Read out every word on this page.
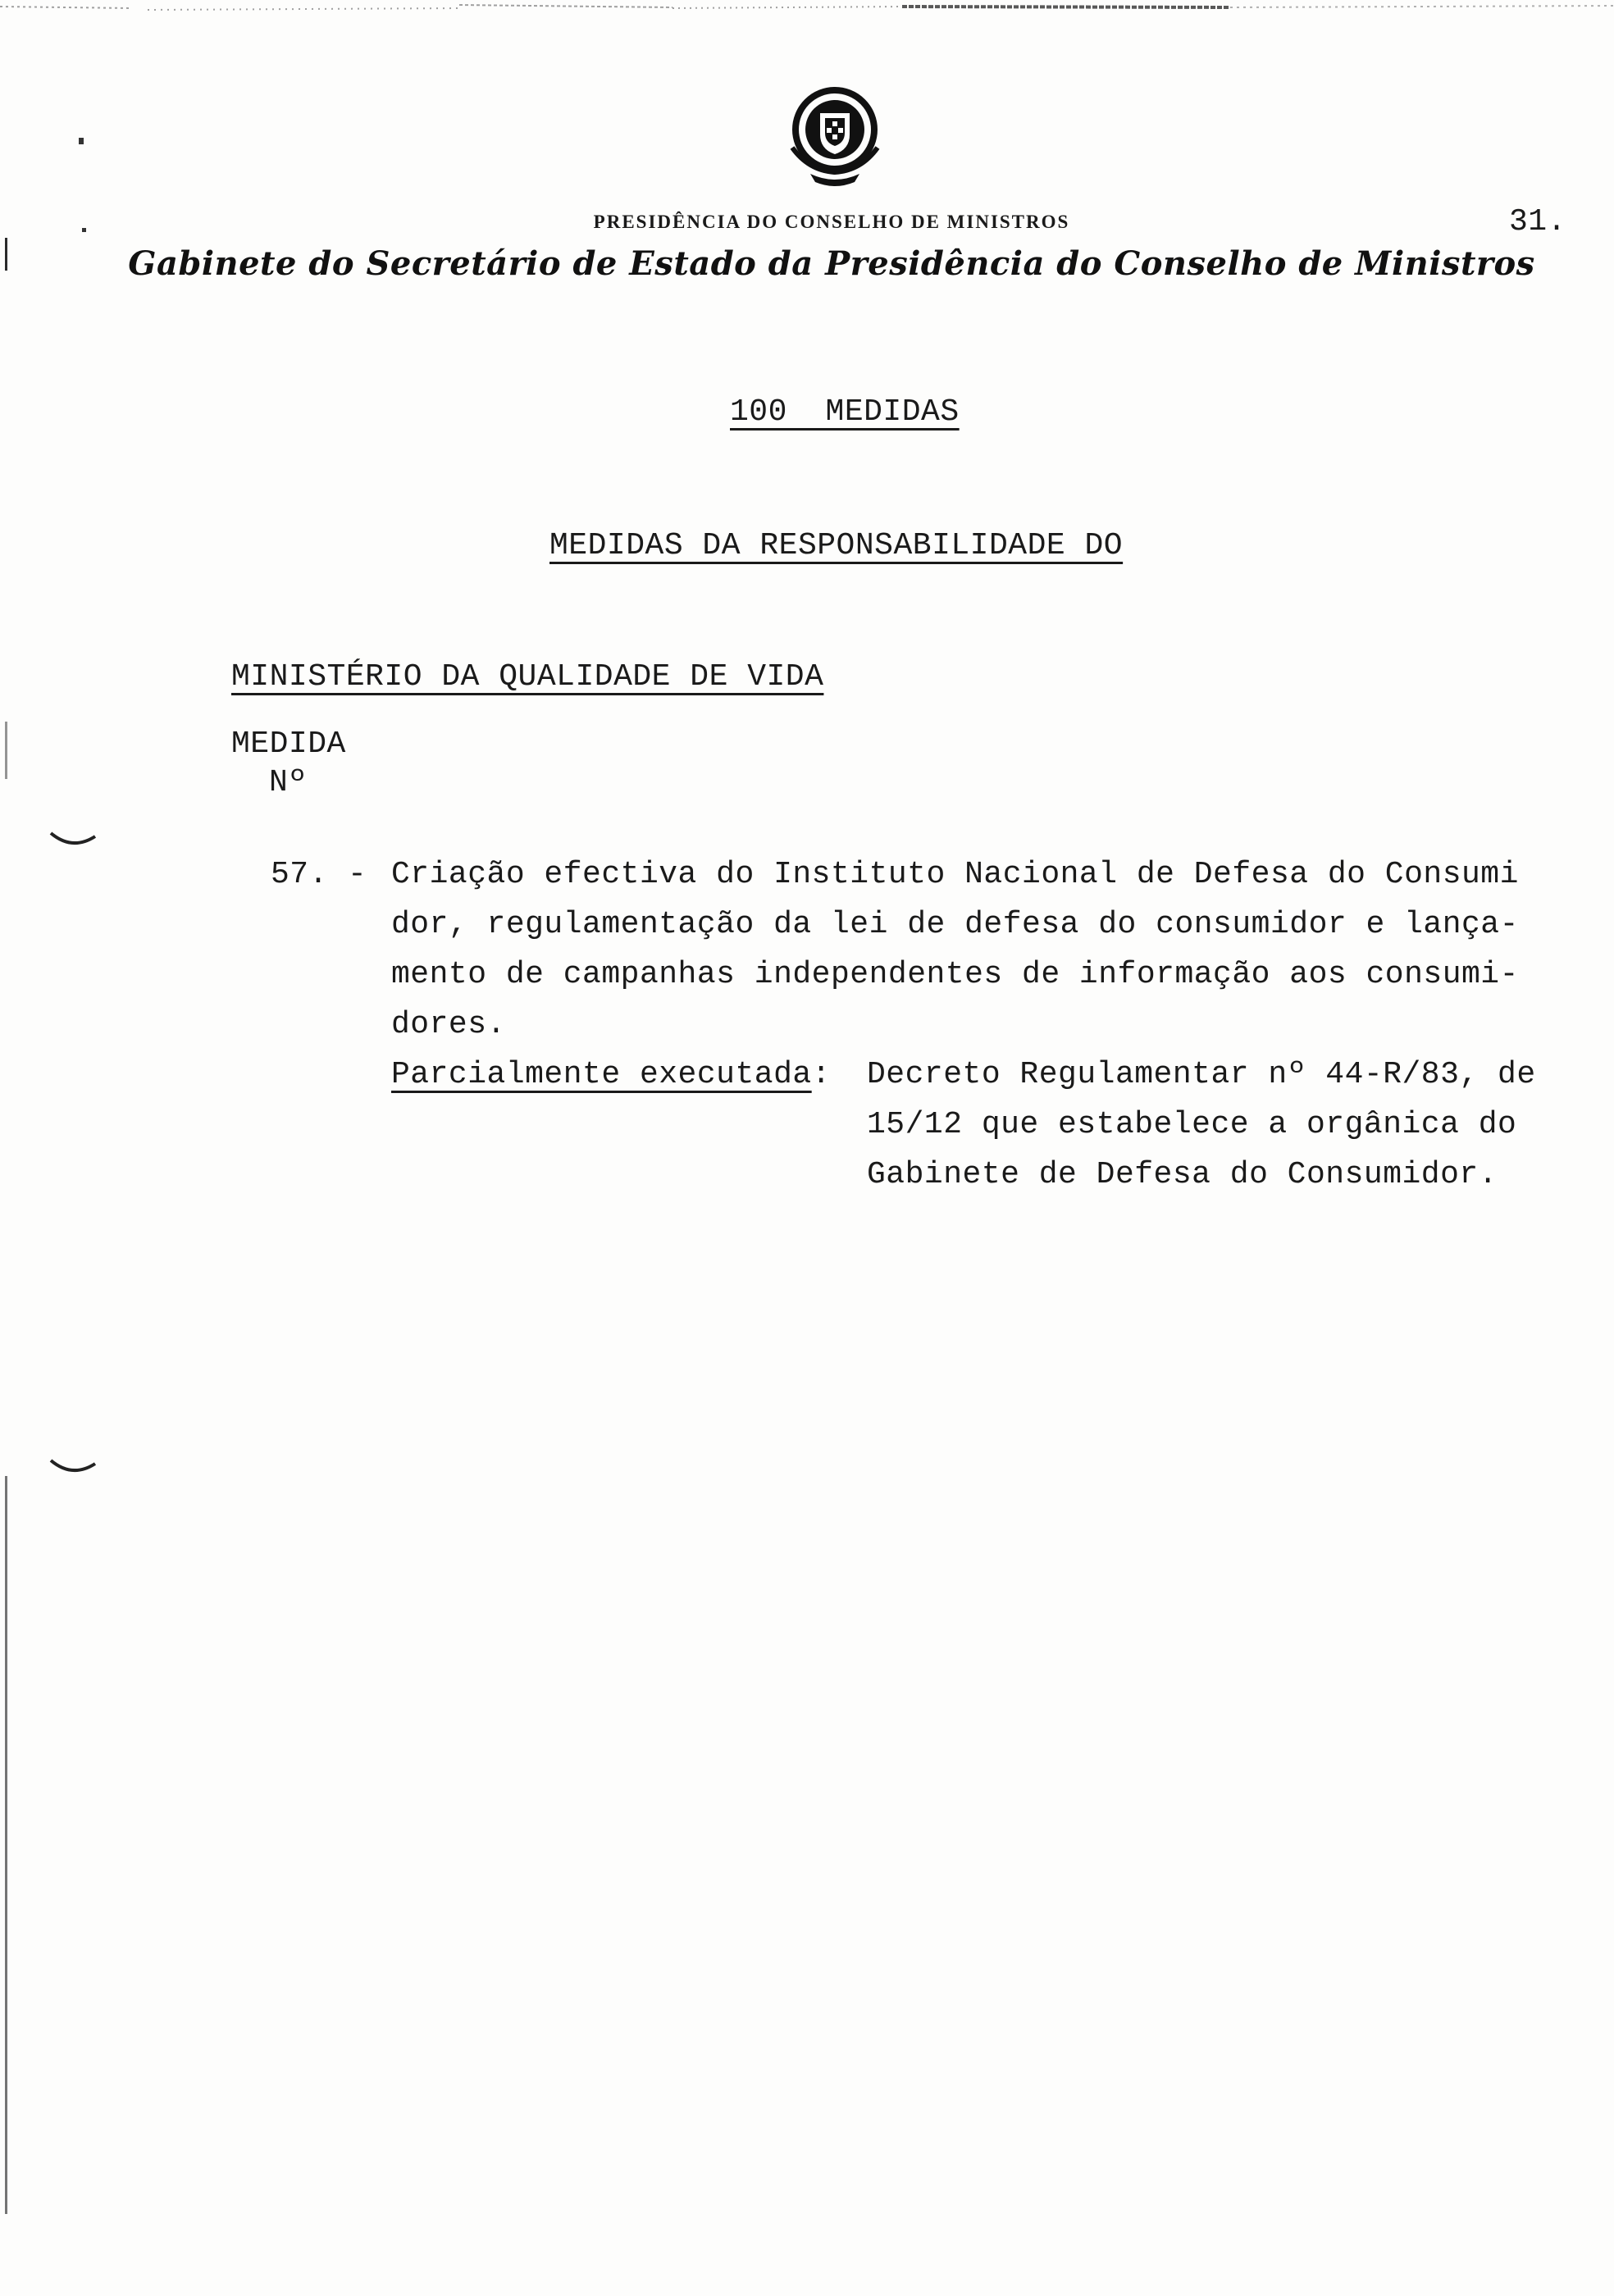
PRESIDÊNCIA DO CONSELHO DE MINISTROS
Gabinete do Secretário de Estado da Presidência do Conselho de Ministros
31.
100  MEDIDAS
MEDIDAS DA RESPONSABILIDADE DO
MINISTÉRIO DA QUALIDADE DE VIDA
MEDIDA
Nº
57. - Criação efectiva do Instituto Nacional de Defesa do Consumi
dor, regulamentação da lei de defesa do consumidor e lança-
mento de campanhas independentes de informação aos consumi-
dores.
Parcialmente executada: Decreto Regulamentar nº 44-R/83, de
15/12 que estabelece a orgânica do
Gabinete de Defesa do Consumidor.
